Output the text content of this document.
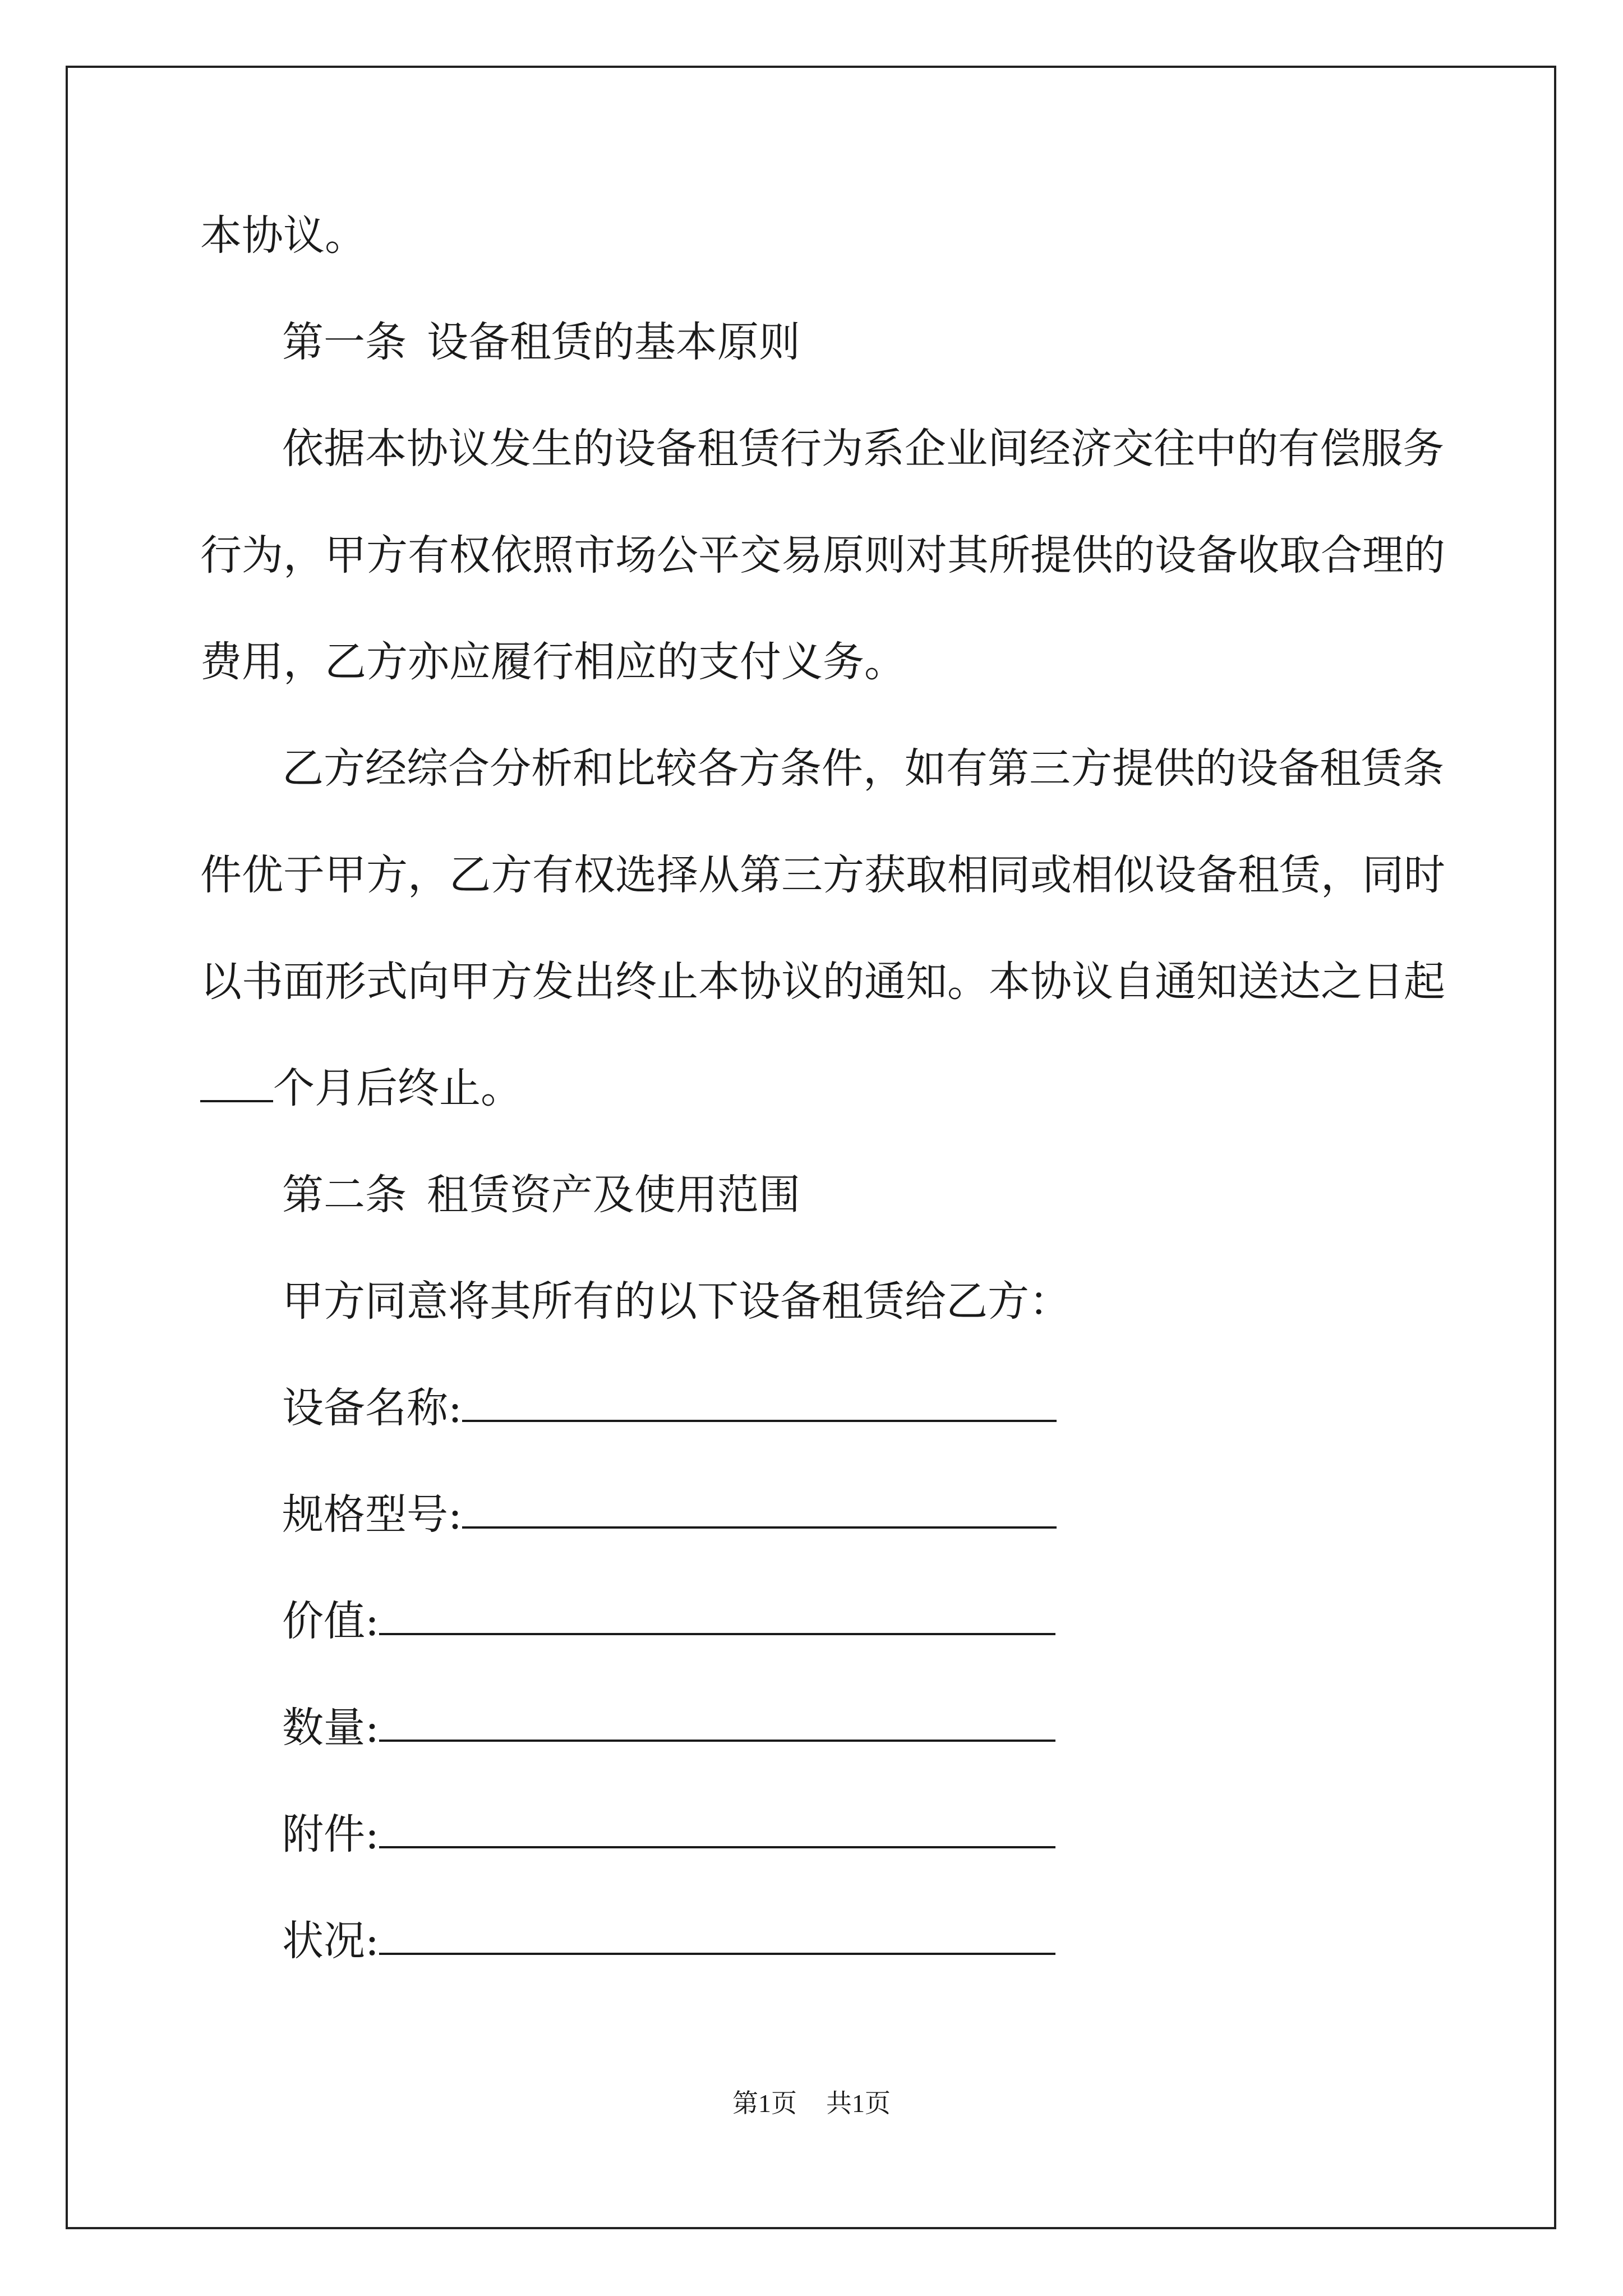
本协议。
第一条 设备租赁的基本原则
依据本协议发生的设备租赁行为系企业间经济交往中的有偿服务
行为，甲方有权依照市场公平交易原则对其所提供的设备收取合理的
费用，乙方亦应履行相应的支付义务。
乙方经综合分析和比较各方条件，如有第三方提供的设备租赁条
件优于甲方，乙方有权选择从第三方获取相同或相似设备租赁，同时
以书面形式向甲方发出终止本协议的通知。本协议自通知送达之日起
个月后终止。
第二条 租赁资产及使用范围
甲方同意将其所有的以下设备租赁给乙方：
设备名称:
规格型号:
价值:
数量:
附件:
状况:
第1页 共1页
